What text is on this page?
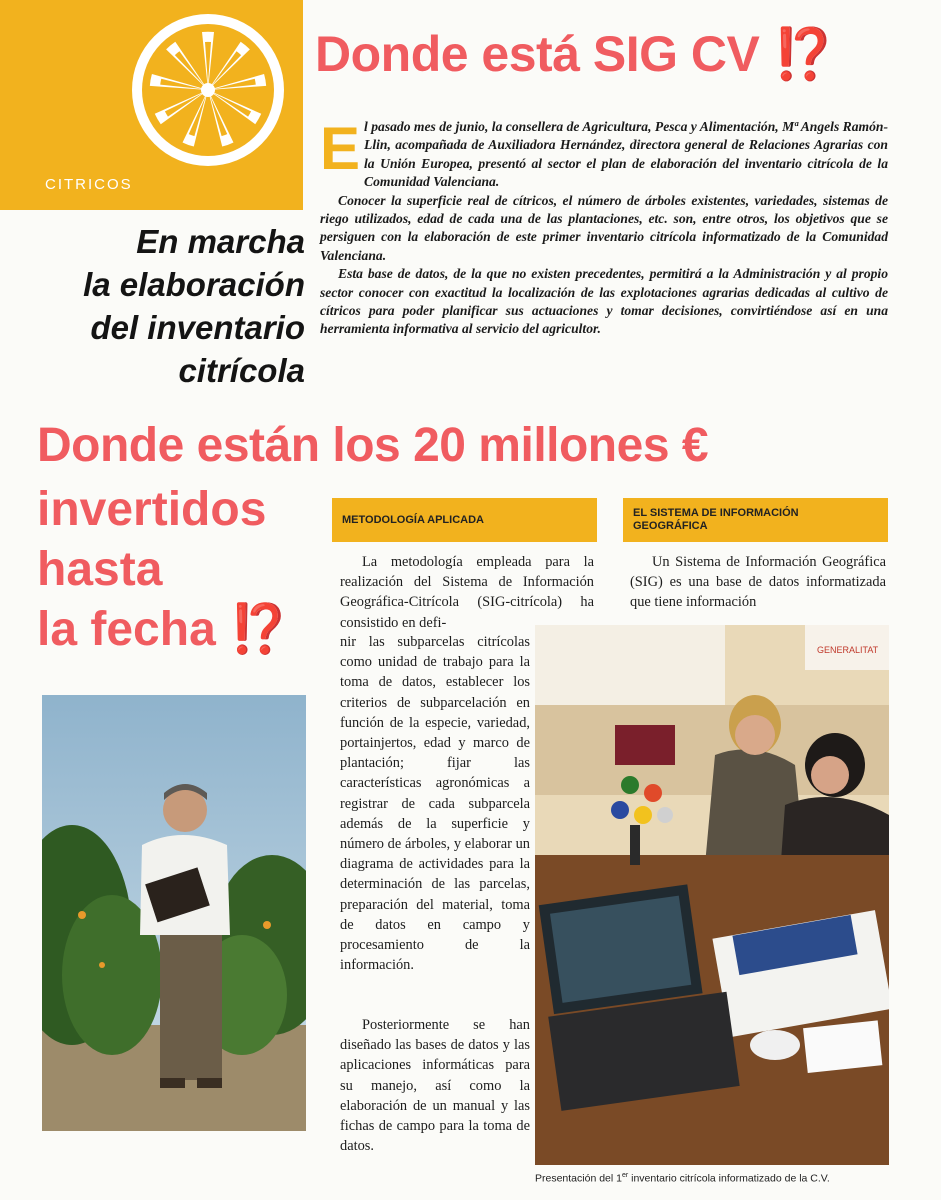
CITRICOS
Donde está SIG CV ⁉️
En marcha
la elaboración
del inventario
citrícola

El pasado mes de junio, la consellera de Agricultura, Pesca y Alimentación, Mª Angels Ramón-Llin, acompañada de Auxiliadora Hernández, directora general de Relaciones Agrarias con la Unión Europea, presentó al sector el plan de elaboración del inventario citrícola de la Comunidad Valenciana.

Conocer la superficie real de cítricos, el número de árboles existentes, variedades, sistemas de riego utilizados, edad de cada una de las plantaciones, etc. son, entre otros, los objetivos que se persiguen con la elaboración de este primer inventario citrícola informatizado de la Comunidad Valenciana.

Esta base de datos, de la que no existen precedentes, permitirá a la Administración y al propio sector conocer con exactitud la localización de las explotaciones agrarias dedicadas al cultivo de cítricos para poder planificar sus actuaciones y tomar decisiones, convirtiéndose así en una herramienta informativa al servicio del agricultor.

Donde están los 20 millones €
invertidos
hasta
la fecha ⁉️
METODOLOGÍA APLICADA
EL SISTEMA DE INFORMACIÓN
GEOGRÁFICA

La metodología empleada para la realización del Sistema de Información Geográfica-Citrícola (SIG-citrícola) ha consistido en defi-

nir las subparcelas citrícolas como unidad de trabajo para la toma de datos, establecer los criterios de subparcelación en función de la especie, variedad, portainjertos, edad y marco de plantación; fijar las características agronómicas a registrar de cada subparcela además de la superficie y número de árboles, y elaborar un diagrama de actividades para la determinación de las parcelas, preparación del material, toma de datos en campo y procesamiento de la información.

Posteriormente se han diseñado las bases de datos y las aplicaciones informáticas para su manejo, así como la elaboración de un manual y las fichas de campo para la toma de datos.

Un Sistema de Información Geográfica (SIG) es una base de datos informatizada que tiene información

GENERALITAT
Presentación del 1er inventario citrícola informatizado de la C.V.
